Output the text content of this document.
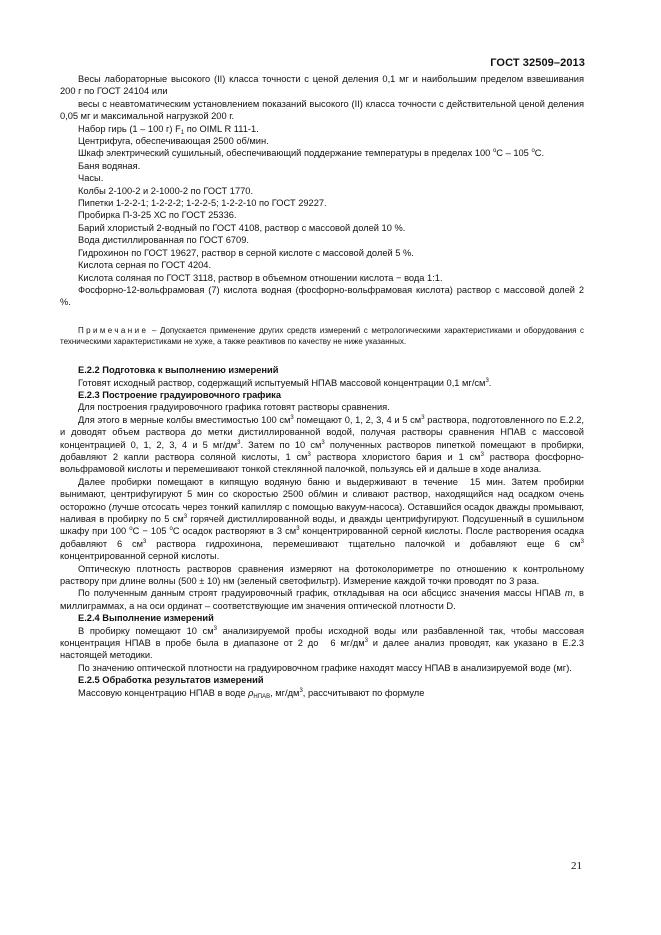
ГОСТ 32509–2013

Весы лабораторные высокого (II) класса точности с ценой деления 0,1 мг и наибольшим пределом взвешивания 200 г по ГОСТ 24104 или

весы с неавтоматическим установлением показаний высокого (II) класса точности с действительной ценой деления 0,05 мг и максимальной нагрузкой 200 г.

Набор гирь (1 – 100 г) $F_1$ по OIML R 111-1.

Центрифуга, обеспечивающая 2500 об/мин.

Шкаф электрический сушильный, обеспечивающий поддержание температуры в пределах 100 $^о$С – 105 $^о$С.

Баня водяная.

Часы.

Колбы 2-100-2 и 2-1000-2 по ГОСТ 1770.

Пипетки 1-2-2-1; 1-2-2-2; 1-2-2-5; 1-2-2-10 по ГОСТ 29227.

Пробирка П-3-25 ХС по ГОСТ 25336.

Барий хлористый 2-водный по ГОСТ 4108, раствор с массовой долей 10 %.

Вода дистиллированная по ГОСТ 6709.

Гидрохинон по ГОСТ 19627, раствор в серной кислоте с массовой долей 5 %.

Кислота серная по ГОСТ 4204.

Кислота соляная по ГОСТ 3118, раствор в объемном отношении кислота − вода 1:1.

Фосфорно-12-вольфрамовая (7) кислота водная (фосфорно-вольфрамовая кислота) раствор с массовой долей 2 %.

Примечание – Допускается применение других средств измерений с метрологическими характеристиками и оборудования с техническими характеристиками не хуже, а также реактивов по качеству не ниже указанных.

Е.2.2 Подготовка к выполнению измерений

Готовят исходный раствор, содержащий испытуемый НПАВ массовой концентрации 0,1 $мг/см^3$.

Е.2.3 Построение градуировочного графика

Для построения градуировочного графика готовят растворы сравнения.

Для этого в мерные колбы вместимостью 100 $см^3$ помещают 0, 1, 2, 3, 4 и 5 $см^3$ раствора, подготовленного по Е.2.2, и доводят объем раствора до метки дистиллированной водой, получая растворы сравнения НПАВ с массовой концентрацией 0, 1, 2, 3, 4 и 5 $мг/дм^3$. Затем по 10 $см^3$ полученных растворов пипеткой помещают в пробирки, добавляют 2 капли раствора соляной кислоты, 1 $см^3$ раствора хлористого бария и 1 $см^3$ раствора фосфорно-вольфрамовой кислоты и перемешивают тонкой стеклянной палочкой, пользуясь ей и дальше в ходе анализа.

Далее пробирки помещают в кипящую водяную баню и выдерживают в течение 15 мин. Затем пробирки вынимают, центрифугируют 5 мин со скоростью 2500 об/мин и сливают раствор, находящийся над осадком очень осторожно (лучше отсосать через тонкий капилляр с помощью вакуум-насоса). Оставшийся осадок дважды промывают, наливая в пробирку по 5 $см^3$ горячей дистиллированной воды, и дважды центрифугируют. Подсушенный в сушильном шкафу при 100 $^о$С − 105 $^о$С осадок растворяют в 3 $см^3$ концентрированной серной кислоты. После растворения осадка добавляют 6 $см^3$ раствора гидрохинона, перемешивают тщательно палочкой и добавляют еще 6 $см^3$ концентрированной серной кислоты.

Оптическую плотность растворов сравнения измеряют на фотоколориметре по отношению к контрольному раствору при длине волны (500 ± 10) нм (зеленый светофильтр). Измерение каждой точки проводят по 3 раза.

По полученным данным строят градуировочный график, откладывая на оси абсцисс значения массы НПАВ m, в миллиграммах, а на оси ординат – соответствующие им значения оптической плотности D.

Е.2.4 Выполнение измерений

В пробирку помещают 10 $см^3$ анализируемой пробы исходной воды или разбавленной так, чтобы массовая концентрация НПАВ в пробе была в диапазоне от 2 до 6 $мг/дм^3$ и далее анализ проводят, как указано в Е.2.3 настоящей методики.

По значению оптической плотности на градуировочном графике находят массу НПАВ в анализируемой воде (мг).

Е.2.5 Обработка результатов измерений

Массовую концентрацию НПАВ в воде $\rho_{НПАВ}$, $мг/дм^3$, рассчитывают по формуле

21
